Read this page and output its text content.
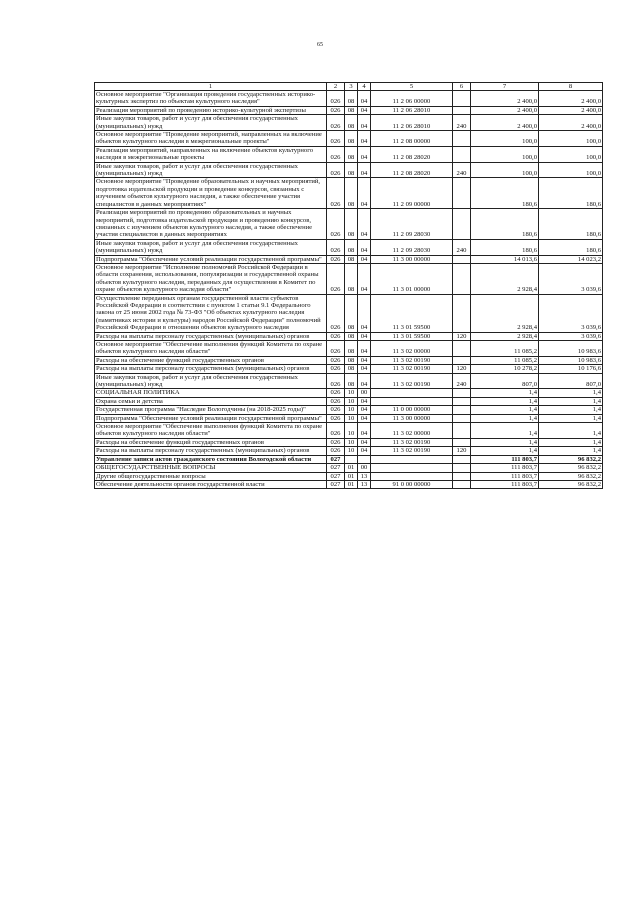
65
1	2	3	4	5	6	7	8
Основное мероприятие "Организация проведения государственных историко-культурных экспертиз по объектам культурного наследия"	026	08	04	11 2 06 00000		2 400,0	2 400,0
Реализация мероприятий по проведению историко-культурной экспертизы	026	08	04	11 2 06 28010		2 400,0	2 400,0
Иные закупки товаров, работ и услуг для обеспечения государственных (муниципальных) нужд	026	08	04	11 2 06 28010	240	2 400,0	2 400,0
Основное мероприятие "Проведение мероприятий, направленных на включение объектов культурного наследия в межрегиональные проекты"	026	08	04	11 2 08 00000		100,0	100,0
Реализация мероприятий, направленных на включение объектов культурного наследия в межрегиональные проекты	026	08	04	11 2 08 28020		100,0	100,0
Иные закупки товаров, работ и услуг для обеспечения государственных (муниципальных) нужд	026	08	04	11 2 08 28020	240	100,0	100,0
Основное мероприятие "Проведение образовательных и научных мероприятий, подготовка издательской продукции и проведение конкурсов, связанных с изучением объектов культурного наследия, а также обеспечение участия специалистов в данных мероприятиях"	026	08	04	11 2 09 00000		180,6	180,6
Реализация мероприятий по проведению образовательных и научных мероприятий, подготовка издательской продукции и проведению конкурсов, связанных с изучением объектов культурного наследия, а также обеспечение участия специалистов в данных мероприятиях	026	08	04	11 2 09 28030		180,6	180,6
Иные закупки товаров, работ и услуг для обеспечения государственных (муниципальных) нужд	026	08	04	11 2 09 28030	240	180,6	180,6
Подпрограмма "Обеспечение условий реализации государственной программы"	026	08	04	11 3 00 00000		14 013,6	14 023,2
Основное мероприятие "Исполнение полномочий Российской Федерации в области сохранения, использования, популяризации и государственной охраны объектов культурного наследия, переданных для осуществления в Комитет по охране объектов культурного наследия области"	026	08	04	11 3 01 00000		2 928,4	3 039,6
Осуществление переданных органам государственной власти субъектов Российской Федерации в соответствии с пунктом 1 статьи 9.1 Федерального закона от 25 июня 2002 года № 73-ФЗ "Об объектах культурного наследия (памятниках истории и культуры) народов Российской Федерации" полномочий Российской Федерации в отношении объектов культурного наследия	026	08	04	11 3 01 59500		2 928,4	3 039,6
Расходы на выплаты персоналу государственных (муниципальных) органов	026	08	04	11 3 01 59500	120	2 928,4	3 039,6
Основное мероприятие "Обеспечение выполнения функций Комитета по охране объектов культурного наследия области"	026	08	04	11 3 02 00000		11 085,2	10 983,6
Расходы на обеспечение функций государственных органов	026	08	04	11 3 02 00190		11 085,2	10 983,6
Расходы на выплаты персоналу государственных (муниципальных) органов	026	08	04	11 3 02 00190	120	10 278,2	10 176,6
Иные закупки товаров, работ и услуг для обеспечения государственных (муниципальных) нужд	026	08	04	11 3 02 00190	240	807,0	807,0
СОЦИАЛЬНАЯ ПОЛИТИКА	026	10	00			1,4	1,4
Охрана семьи и детства	026	10	04			1,4	1,4
Государственная программа "Наследие Вологодчины (на 2018-2025 годы)"	026	10	04	11 0 00 00000		1,4	1,4
Подпрограмма "Обеспечение условий реализации государственной программы"	026	10	04	11 3 00 00000		1,4	1,4
Основное мероприятие "Обеспечение выполнения функций Комитета по охране объектов культурного наследия области"	026	10	04	11 3 02 00000		1,4	1,4
Расходы на обеспечение функций государственных органов	026	10	04	11 3 02 00190		1,4	1,4
Расходы на выплаты персоналу государственных (муниципальных) органов	026	10	04	11 3 02 00190	120	1,4	1,4
Управление записи актов гражданского состояния Вологодской области	027					111 803,7	96 832,2
ОБЩЕГОСУДАРСТВЕННЫЕ ВОПРОСЫ	027	01	00			111 803,7	96 832,2
Другие общегосударственные вопросы	027	01	13			111 803,7	96 832,2
Обеспечение деятельности органов государственной власти	027	01	13	91 0 00 00000		111 803,7	96 832,2
